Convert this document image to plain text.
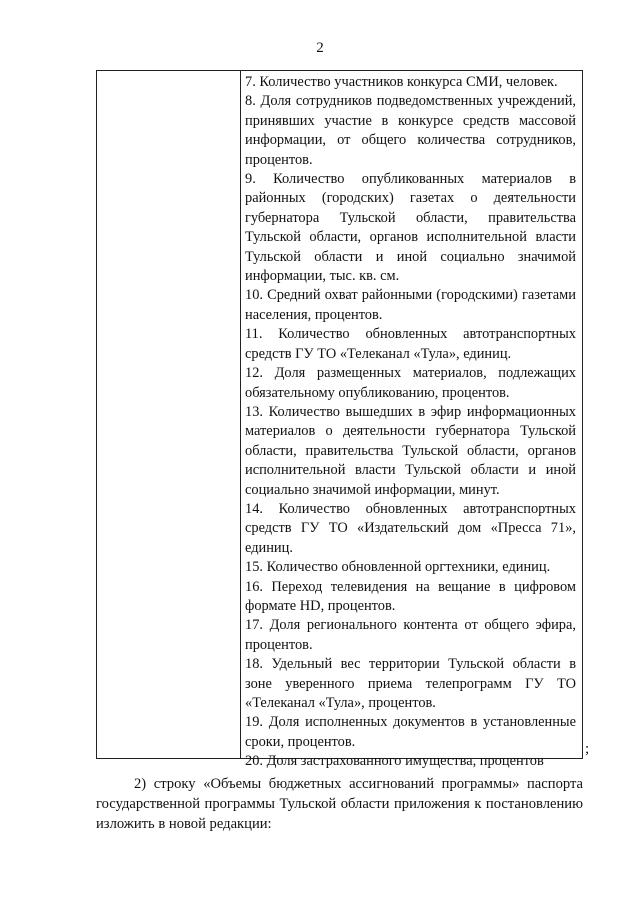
2

7. Количество участников конкурса СМИ, человек.

8. Доля сотрудников подведомственных учреждений, принявших участие в конкурсе средств массовой информации, от общего количества сотрудников, процентов.

9. Количество опубликованных материалов в районных (городских) газетах о деятельности губернатора Тульской области, правительства Тульской области, органов исполнительной власти Тульской области и иной социально значимой информации, тыс. кв. см.

10. Средний охват районными (городскими) газетами населения, процентов.

11. Количество обновленных автотранспортных средств ГУ ТО «Телеканал «Тула», единиц.

12. Доля размещенных материалов, подлежащих обязательному опубликованию, процентов.

13. Количество вышедших в эфир информационных материалов о деятельности губернатора Тульской области, правительства Тульской области, органов исполнительной власти Тульской области и иной социально значимой информации, минут.

14. Количество обновленных автотранспортных средств ГУ ТО «Издательский дом «Пресса 71», единиц.

15. Количество обновленной оргтехники, единиц.

16. Переход телевидения на вещание в цифровом формате HD, процентов.

17. Доля регионального контента от общего эфира, процентов.

18. Удельный вес территории Тульской области в зоне уверенного приема телепрограмм ГУ ТО «Телеканал «Тула», процентов.

19. Доля исполненных документов в установленные сроки, процентов.

20. Доля застрахованного имущества, процентов

;

2) строку «Объемы бюджетных ассигнований программы» паспорта государственной программы Тульской области приложения к постановлению изложить в новой редакции:
